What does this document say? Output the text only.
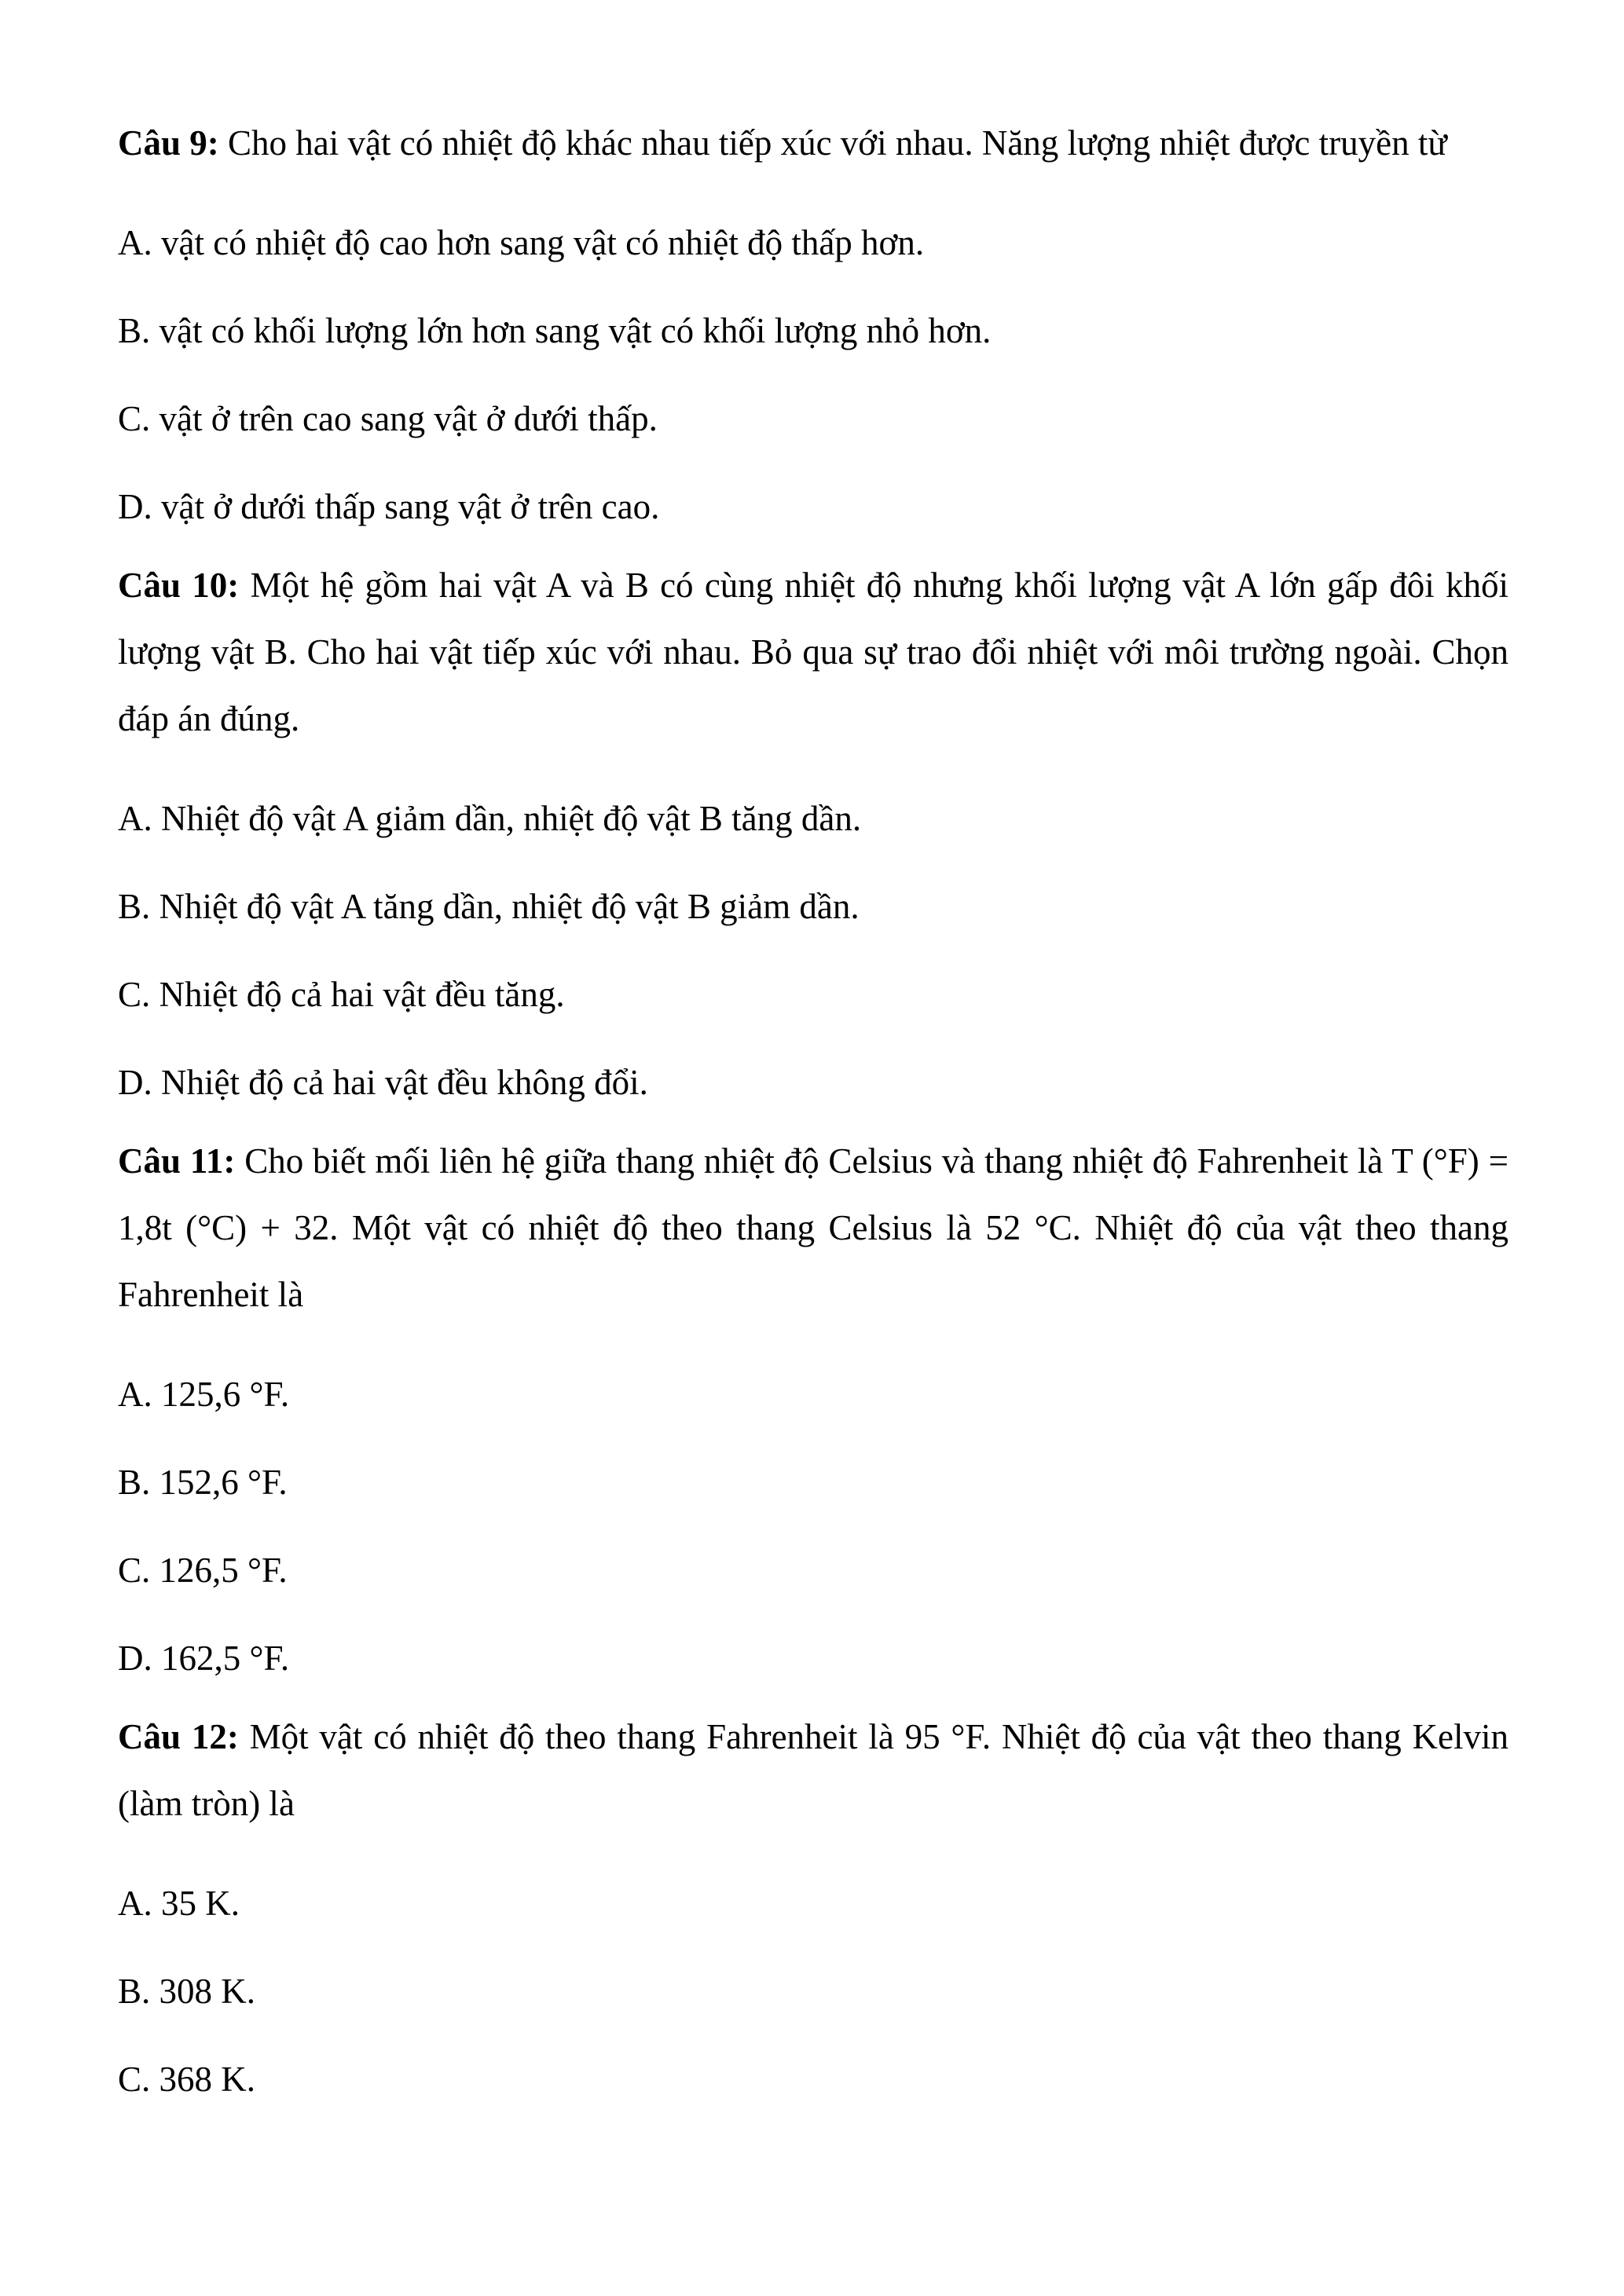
Câu 9: Cho hai vật có nhiệt độ khác nhau tiếp xúc với nhau. Năng lượng nhiệt được truyền từ

A. vật có nhiệt độ cao hơn sang vật có nhiệt độ thấp hơn.

B. vật có khối lượng lớn hơn sang vật có khối lượng nhỏ hơn.

C. vật ở trên cao sang vật ở dưới thấp.

D. vật ở dưới thấp sang vật ở trên cao.

Câu 10: Một hệ gồm hai vật A và B có cùng nhiệt độ nhưng khối lượng vật A lớn gấp đôi khối lượng vật B. Cho hai vật tiếp xúc với nhau. Bỏ qua sự trao đổi nhiệt với môi trường ngoài. Chọn đáp án đúng.

A. Nhiệt độ vật A giảm dần, nhiệt độ vật B tăng dần.

B. Nhiệt độ vật A tăng dần, nhiệt độ vật B giảm dần.

C. Nhiệt độ cả hai vật đều tăng.

D. Nhiệt độ cả hai vật đều không đổi.

Câu 11: Cho biết mối liên hệ giữa thang nhiệt độ Celsius và thang nhiệt độ Fahrenheit là T (°F) = 1,8t (°C) + 32. Một vật có nhiệt độ theo thang Celsius là 52 °C. Nhiệt độ của vật theo thang Fahrenheit là

A. 125,6 °F.

B. 152,6 °F.

C. 126,5 °F.

D. 162,5 °F.

Câu 12: Một vật có nhiệt độ theo thang Fahrenheit là 95 °F. Nhiệt độ của vật theo thang Kelvin (làm tròn) là

A. 35 K.

B. 308 K.

C. 368 K.
